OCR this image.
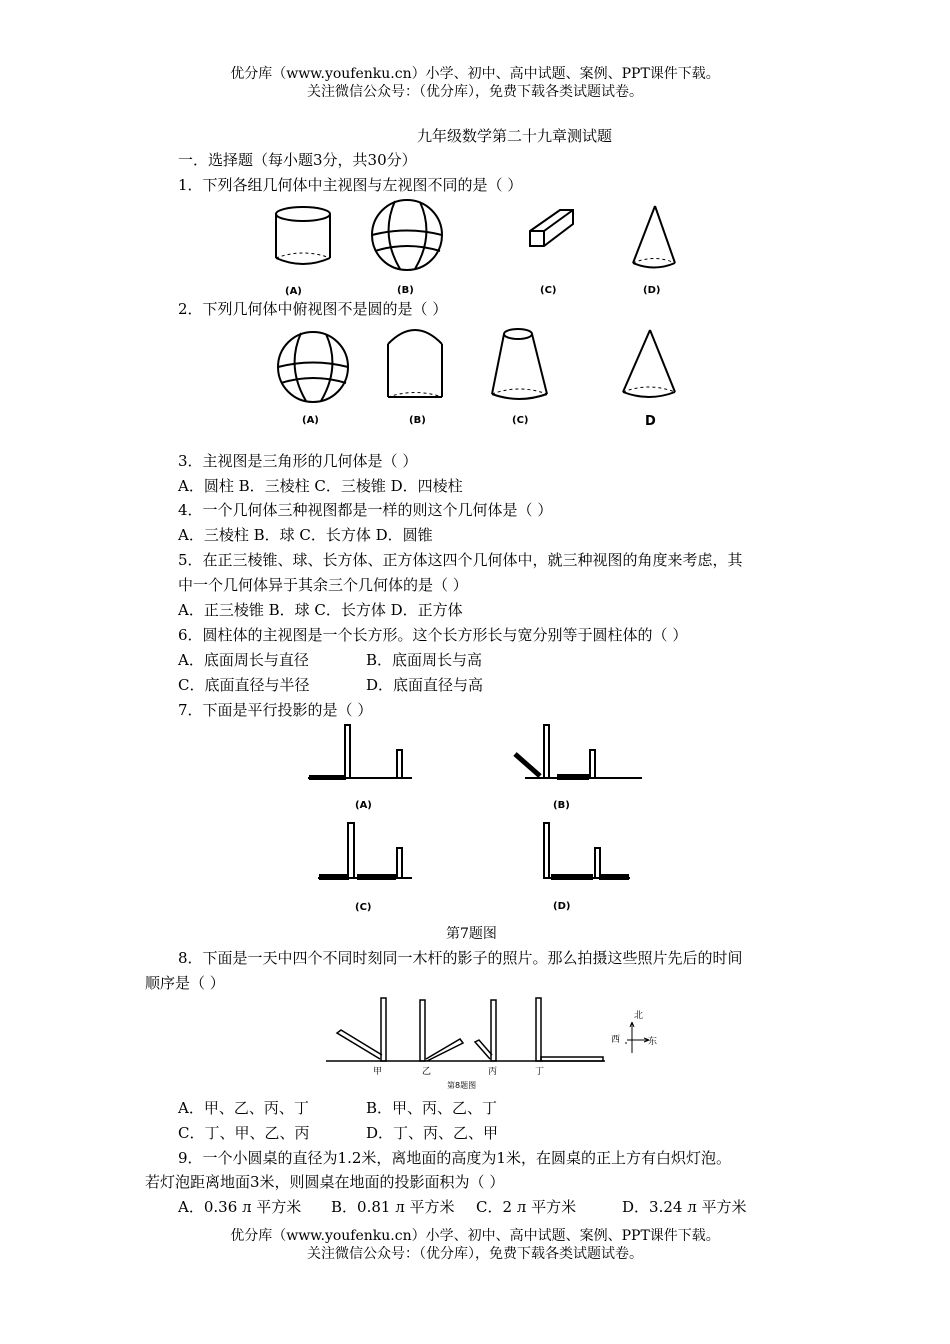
优分库（www.youfenku.cn）小学、初中、高中试题、案例、PPT课件下载。
关注微信公众号：（优分库），免费下载各类试题试卷。
九年级数学第二十九章测试题
一．选择题（每小题3分，共30分）
1．下列各组几何体中主视图与左视图不同的是（ ）
(A)	(B)	(C)	(D)
2．下列几何体中俯视图不是圆的是（ ）
(A)	(B)	(C)	D
3．主视图是三角形的几何体是（ ）
A．圆柱 B．三棱柱 C．三棱锥 D．四棱柱
4．一个几何体三种视图都是一样的则这个几何体是（ ）
A．三棱柱 B．球 C．长方体 D．圆锥
5．在正三棱锥、球、长方体、正方体这四个几何体中，就三种视图的角度来考虑，其
中一个几何体异于其余三个几何体的是（ ）
A．正三棱锥 B．球 C．长方体 D．正方体
6．圆柱体的主视图是一个长方形。这个长方形长与宽分别等于圆柱体的（ ）
A．底面周长与直径	B．底面周长与高
C．底面直径与半径	D．底面直径与高
7．下面是平行投影的是（ ）
(A)	(B)
(C)	(D)
第7题图
8．下面是一天中四个不同时刻同一木杆的影子的照片。那么拍摄这些照片先后的时间
顺序是（ ）
北
西	东
甲	乙	丙	丁
第8题图
A．甲、乙、丙、丁	B．甲、丙、乙、丁
C．丁、甲、乙、丙	D．丁、丙、乙、甲
9．一个小圆桌的直径为1.2米，离地面的高度为1米，在圆桌的正上方有白炽灯泡。
若灯泡距离地面3米，则圆桌在地面的投影面积为（ ）
A．0.36 л 平方米 B．0.81 л 平方米 C．2 л 平方米	D．3.24 л 平方米
优分库（www.youfenku.cn）小学、初中、高中试题、案例、PPT课件下载。
关注微信公众号：（优分库），免费下载各类试题试卷。
